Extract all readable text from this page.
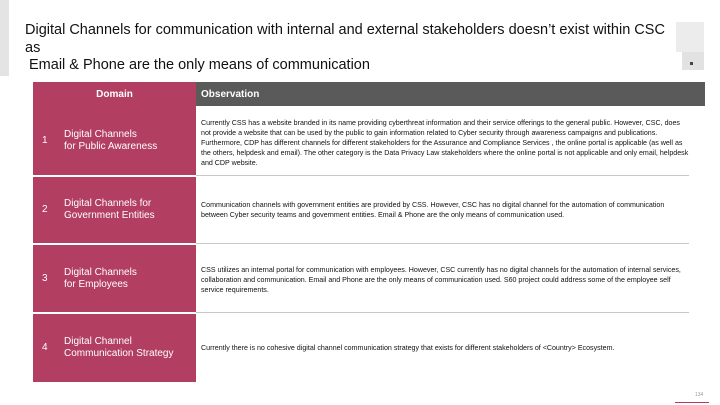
Digital Channels for communication with internal and external stakeholders doesn’t exist within CSC as
Email & Phone are the only means of communication
Domain	Observation
1
Digital Channels
for Public Awareness
Currently CSS has a website branded in its name providing cyberthreat information and their service offerings to the general public. However, CSC, does not provide a website that can be used by the public to gain information related to Cyber security through awareness campaigns and publications. Furthermore, CDP has different channels for different stakeholders for the Assurance and Compliance Services , the online portal is applicable (as well as the others, helpdesk and email). The other category is the Data Privacy Law stakeholders where the online portal is not applicable and only email, helpdesk and CDP website.
2
Digital Channels for
Government Entities
Communication channels with government entities are provided by CSS. However, CSC has no digital channel for the automation of communication between Cyber security teams and government entities. Email & Phone are the only means of communication used.
3
Digital Channels
for Employees
CSS utilizes an internal portal for communication with employees. However, CSC currently has no digital channels for the automation of internal services, collaboration and communication. Email and Phone are the only means of communication used. S60 project could address some of the employee self service requirements.
4
Digital Channel
Communication Strategy	Currently there is no cohesive digital channel communication strategy that exists for different stakeholders of <Country> Ecosystem.
134
